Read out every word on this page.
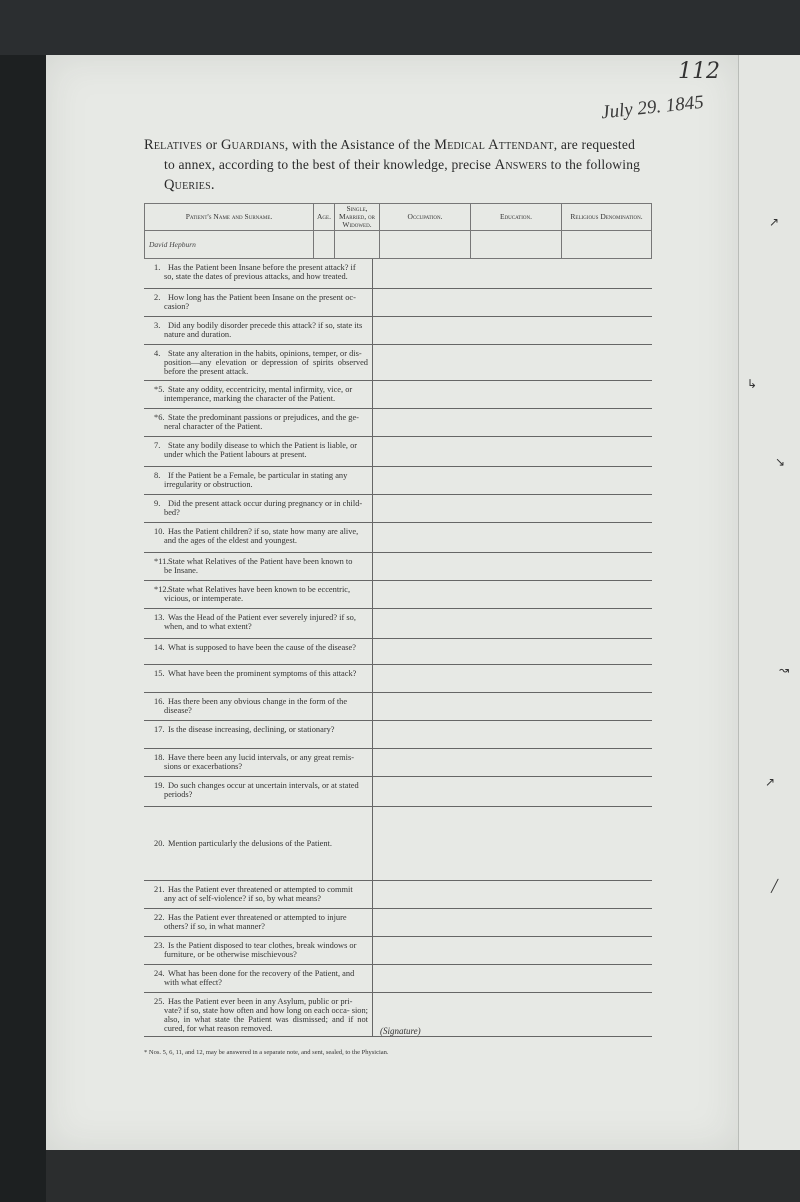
↗
↳
↘
↝
↗
╱
112
July 29. 1845
Relatives or Guardians, with the Asistance of the Medical Attendant, are requested
to annex, according to the best of their knowledge, precise Answers to the following
Queries.
Patient's Name and Surname.	Age.	Single, Married, or Widowed.	Occupation.	Education.	Religious Denomination.
David Hepburn					
1. Has the Patient been Insane before the present attack? if
so, state the dates of previous attacks, and how treated.
2. How long has the Patient been Insane on the present oc-
casion?
3. Did any bodily disorder precede this attack? if so, state its
nature and duration.
4. State any alteration in the habits, opinions, temper, or dis-
position—any elevation or depression of spirits observed before the present attack.
*5. State any oddity, eccentricity, mental infirmity, vice, or
intemperance, marking the character of the Patient.
*6. State the predominant passions or prejudices, and the ge-
neral character of the Patient.
7. State any bodily disease to which the Patient is liable, or
under which the Patient labours at present.
8. If the Patient be a Female, be particular in stating any
irregularity or obstruction.
9. Did the present attack occur during pregnancy or in child-
bed?
10. Has the Patient children? if so, state how many are alive,
and the ages of the eldest and youngest.
*11.State what Relatives of the Patient have been known to
be Insane.
*12.State what Relatives have been known to be eccentric,
vicious, or intemperate.
13. Was the Head of the Patient ever severely injured? if so,
when, and to what extent?
14. What is supposed to have been the cause of the disease?
15. What have been the prominent symptoms of this attack?
16. Has there been any obvious change in the form of the
disease?
17. Is the disease increasing, declining, or stationary?
18. Have there been any lucid intervals, or any great remis-
sions or exacerbations?
19. Do such changes occur at uncertain intervals, or at stated
periods?
20. Mention particularly the delusions of the Patient.
21. Has the Patient ever threatened or attempted to commit
any act of self-violence? if so, by what means?
22. Has the Patient ever threatened or attempted to injure
others? if so, in what manner?
23. Is the Patient disposed to tear clothes, break windows or
furniture, or be otherwise mischievous?
24. What has been done for the recovery of the Patient, and
with what effect?
25. Has the Patient ever been in any Asylum, public or pri-
vate? if so, state how often and how long on each occa- sion; also, in what state the Patient was dismissed; and if not cured, for what reason removed.	(Signature)
* Nos. 5, 6, 11, and 12, may be answered in a separate note, and sent, sealed, to the Physician.
